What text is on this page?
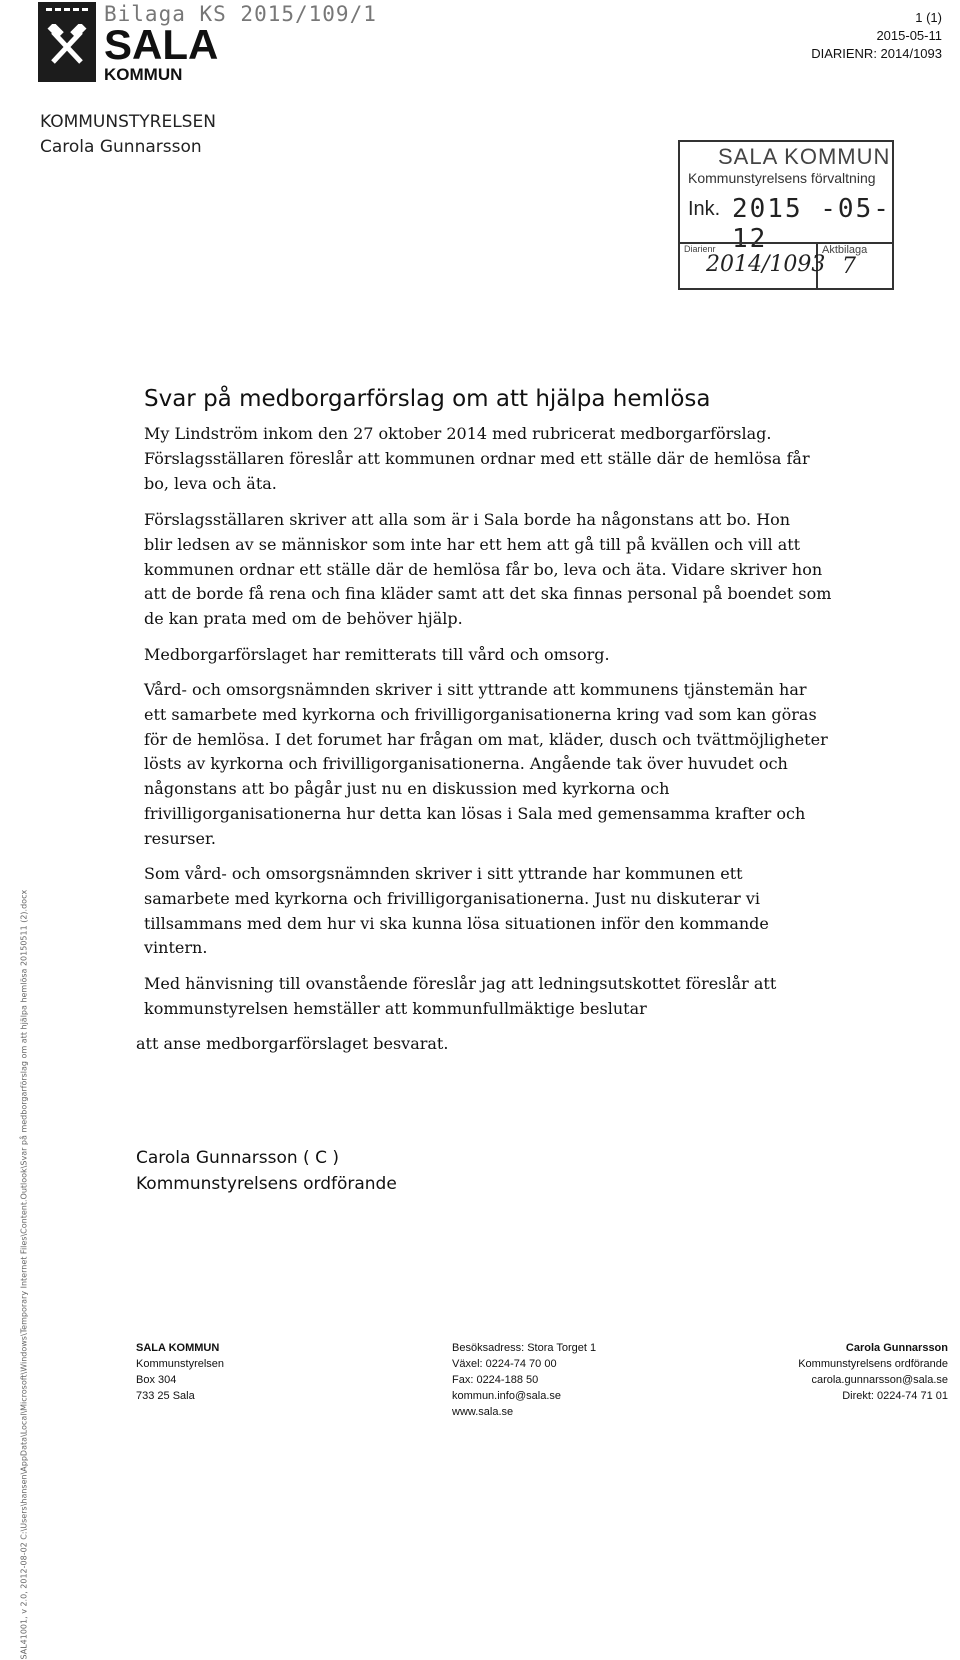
Bilaga KS 2015/109/1
SALA
KOMMUN
1 (1)
2015-05-11
DIARIENR: 2014/1093
KOMMUNSTYRELSEN
Carola Gunnarsson	SALA KOMMUN
Kommunstyrelsens förvaltning
Ink. 2015 -05- 12
Diarienr	Aktbilaga
2014/1093 7
SAL41001, v 2.0, 2012-08-02 C:\Users\hansen\AppData\Local\Microsoft\Windows\Temporary Internet Files\Content.Outlook\Svar på medborgarförslag om att hjälpa hemlösa 20150511 (2).docx
Svar på medborgarförslag om att hjälpa hemlösa
My Lindström inkom den 27 oktober 2014 med rubricerat medborgarförslag.
Förslagsställaren föreslår att kommunen ordnar med ett ställe där de hemlösa får
bo, leva och äta.
Förslagsställaren skriver att alla som är i Sala borde ha någonstans att bo. Hon
blir ledsen av se människor som inte har ett hem att gå till på kvällen och vill att
kommunen ordnar ett ställe där de hemlösa får bo, leva och äta. Vidare skriver hon
att de borde få rena och fina kläder samt att det ska finnas personal på boendet som
de kan prata med om de behöver hjälp.
Medborgarförslaget har remitterats till vård och omsorg.
Vård- och omsorgsnämnden skriver i sitt yttrande att kommunens tjänstemän har
ett samarbete med kyrkorna och frivilligorganisationerna kring vad som kan göras
för de hemlösa. I det forumet har frågan om mat, kläder, dusch och tvättmöjligheter
lösts av kyrkorna och frivilligorganisationerna. Angående tak över huvudet och
någonstans att bo pågår just nu en diskussion med kyrkorna och
frivilligorganisationerna hur detta kan lösas i Sala med gemensamma krafter och
resurser.
Som vård- och omsorgsnämnden skriver i sitt yttrande har kommunen ett
samarbete med kyrkorna och frivilligorganisationerna. Just nu diskuterar vi
tillsammans med dem hur vi ska kunna lösa situationen inför den kommande
vintern.
Med hänvisning till ovanstående föreslår jag att ledningsutskottet föreslår att
kommunstyrelsen hemställer att kommunfullmäktige beslutar
att anse medborgarförslaget besvarat.
Carola Gunnarsson ( C )
Kommunstyrelsens ordförande
SALA KOMMUN
Kommunstyrelsen
Box 304
733 25 Sala
Besöksadress: Stora Torget 1
Växel: 0224-74 70 00
Fax: 0224-188 50
kommun.info@sala.se
www.sala.se
Carola Gunnarsson
Kommunstyrelsens ordförande
carola.gunnarsson@sala.se
Direkt: 0224-74 71 01
